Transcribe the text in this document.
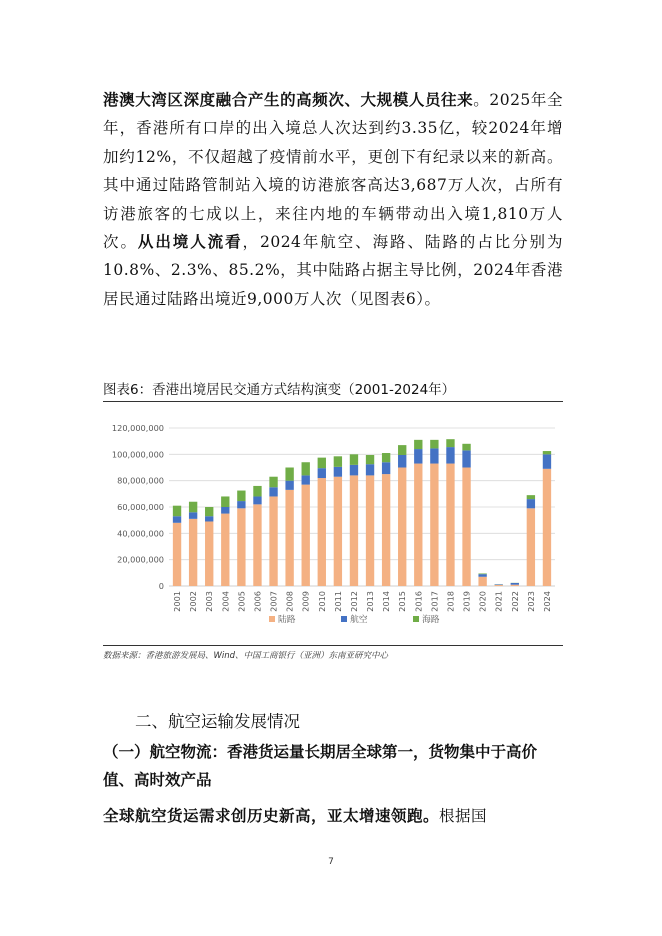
港澳大湾区深度融合产生的高频次、大规模人员往来。2025年全年，香港所有口岸的出入境总人次达到约3.35亿，较2024年增加约12%，不仅超越了疫情前水平，更创下有纪录以来的新高。其中通过陆路管制站入境的访港旅客高达3,687万人次，占所有访港旅客的七成以上，来往内地的车辆带动出入境1,810万人次。从出境人流看，2024年航空、海路、陆路的占比分别为10.8%、2.3%、85.2%，其中陆路占据主导比例，2024年香港居民通过陆路出境近9,000万人次（见图表6）。

图表6：香港出境居民交通方式结构演变（2001-2024年）
0
20,000,000
40,000,000
60,000,000
80,000,000
100,000,000
120,000,000
2001 2002 2003 2004 2005 2006 2007 2008 2009 2010 2011 2012 2013 2014 2015 2016 2017 2018 2019 2020 2021 2022 2023 2024
陆路	航空	海路
数据来源：香港旅游发展局、Wind、中国工商银行（亚洲）东南亚研究中心
二、航空运输发展情况
（一）航空物流：香港货运量长期居全球第一，货物集中于高价值、高时效产品

全球航空货运需求创历史新高，亚太增速领跑。根据国

7
